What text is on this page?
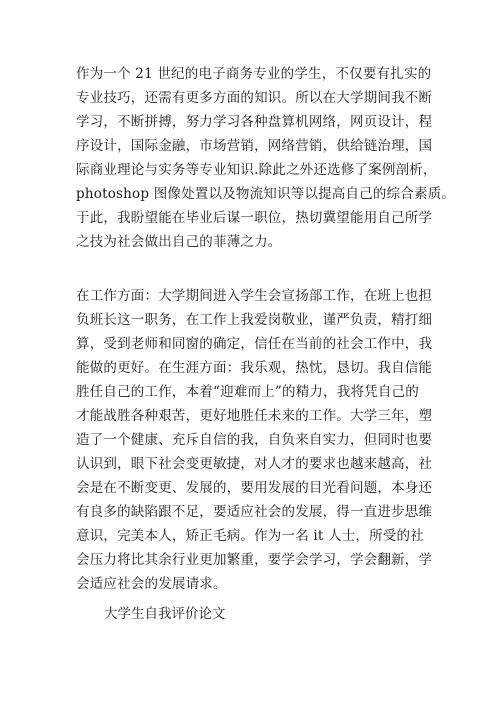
作为一个 21 世纪的电子商务专业的学生，不仅要有扎实的
专业技巧，还需有更多方面的知识。所以在大学期间我不断
学习，不断拼搏，努力学习各种盘算机网络，网页设计，程
序设计，国际金融，市场营销，网络营销，供给链治理，国
际商业理论与实务等专业知识.除此之外还选修了案例剖析，
photoshop 图像处置以及物流知识等以提高自己的综合素质。
于此，我盼望能在毕业后谋一职位，热切冀望能用自己所学
之技为社会做出自己的菲薄之力。
在工作方面：大学期间进入学生会宣扬部工作，在班上也担
负班长这一职务，在工作上我爱岗敬业，谨严负责，精打细
算，受到老师和同窗的确定，信任在当前的社会工作中，我
能做的更好。在生涯方面：我乐观，热忱，恳切。我自信能
胜任自己的工作，本着“迎难而上”的精力，我将凭自己的
才能战胜各种艰苦，更好地胜任未来的工作。大学三年，塑
造了一个健康、充斥自信的我，自负来自实力，但同时也要
认识到，眼下社会变更敏捷，对人才的要求也越来越高，社
会是在不断变更、发展的，要用发展的目光看问题，本身还
有良多的缺陷跟不足，要适应社会的发展，得一直进步思维
意识，完美本人，矫正毛病。作为一名 it 人士，所受的社
会压力将比其余行业更加繁重，要学会学习，学会翻新，学
会适应社会的发展请求。
大学生自我评价论文
